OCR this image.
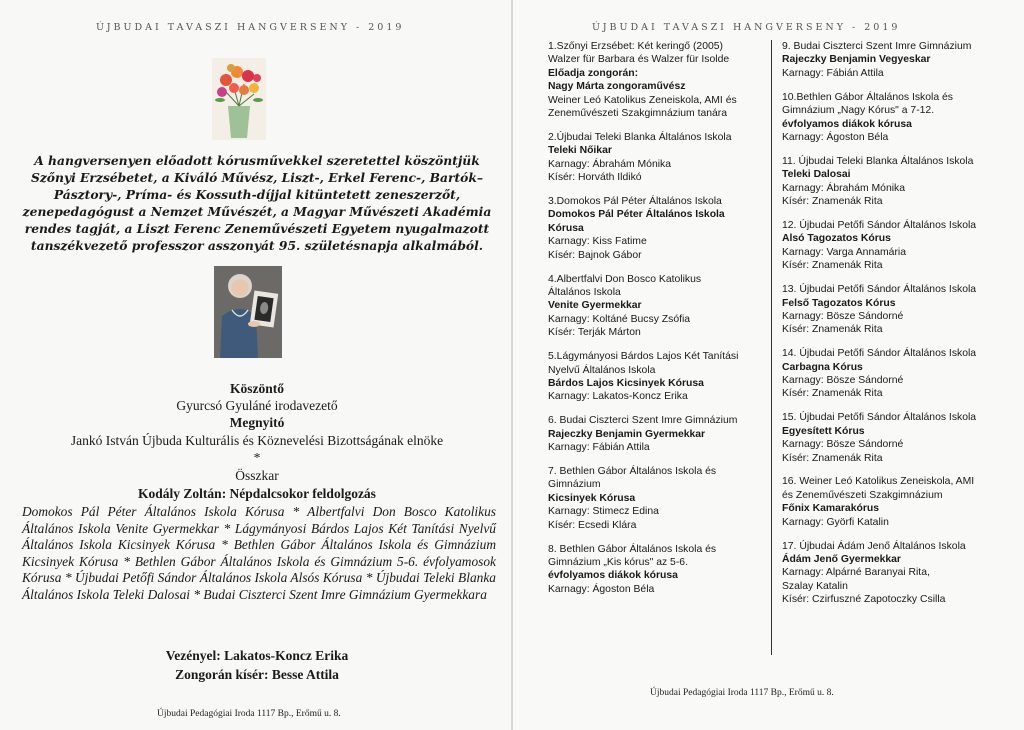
ÚJBUDAI TAVASZI HANGVERSENY - 2019	ÚJBUDAI TAVASZI HANGVERSENY - 2019
A hangversenyen előadott kórusművekkel szeretettel köszöntjük Szőnyi Erzsébetet, a Kiváló Művész, Liszt-, Erkel Ferenc-, Bartók–Pásztory-, Príma- és Kossuth-díjjal kitüntetett zeneszerzőt, zenepedagógust a Nemzet Művészét, a Magyar Művészeti Akadémia rendes tagját, a Liszt Ferenc Zeneművészeti Egyetem nyugalmazott tanszékvezető professzor asszonyát 95. születésnapja alkalmából.
Köszöntő
Gyurcsó Gyuláné irodavezető
Megnyitó
Jankó István Újbuda Kulturális és Köznevelési Bizottságának elnöke
*
Összkar
Kodály Zoltán: Népdalcsokor feldolgozás
Domokos Pál Péter Általános Iskola Kórusa * Albertfalvi Don Bosco Katolikus Általános Iskola Venite Gyermekkar * Lágymányosi Bárdos Lajos Két Tanítási Nyelvű Általános Iskola Kicsinyek Kórusa * Bethlen Gábor Általános Iskola és Gimnázium Kicsinyek Kórusa * Bethlen Gábor Általános Iskola és Gimnázium 5-6. évfolyamosok Kórusa * Újbudai Petőfi Sándor Általános Iskola Alsós Kórusa * Újbudai Teleki Blanka Általános Iskola Teleki Dalosai * Budai Ciszterci Szent Imre Gimnázium Gyermekkara
Vezényel: Lakatos-Koncz Erika
Zongorán kísér: Besse Attila
Újbudai Pedagógiai Iroda 1117 Bp., Erőmű u. 8.
Újbudai Pedagógiai Iroda 1117 Bp., Erőmű u. 8.
1.Szőnyi Erzsébet: Két keringő (2005)
Walzer für Barbara és Walzer für Isolde
Előadja zongorán:
Nagy Márta zongoraművész
Weiner Leó Katolikus Zeneiskola, AMI és
Zeneművészeti Szakgimnázium tanára
2.Újbudai Teleki Blanka Általános Iskola
Teleki Nőikar
Karnagy: Ábrahám Mónika
Kísér: Horváth Ildikó
3.Domokos Pál Péter Általános Iskola
Domokos Pál Péter Általános Iskola
Kórusa
Karnagy: Kiss Fatime
Kísér: Bajnok Gábor
4.Albertfalvi Don Bosco Katolikus
Általános Iskola
Venite Gyermekkar
Karnagy: Koltáné Bucsy Zsófia
Kísér: Terják Márton
5.Lágymányosi Bárdos Lajos Két Tanítási
Nyelvű Általános Iskola
Bárdos Lajos Kicsinyek Kórusa
Karnagy: Lakatos-Koncz Erika
6. Budai Ciszterci Szent Imre Gimnázium
Rajeczky Benjamin Gyermekkar
Karnagy: Fábián Attila
7. Bethlen Gábor Általános Iskola és
Gimnázium
Kicsinyek Kórusa
Karnagy: Stimecz Edina
Kísér: Ecsedi Klára
8. Bethlen Gábor Általános Iskola és
Gimnázium „Kis kórus" az 5-6.
évfolyamos diákok kórusa
Karnagy: Ágoston Béla
9. Budai Ciszterci Szent Imre Gimnázium
Rajeczky Benjamin Vegyeskar
Karnagy: Fábián Attila
10.Bethlen Gábor Általános Iskola és
Gimnázium „Nagy Kórus" a 7-12.
évfolyamos diákok kórusa
Karnagy: Ágoston Béla
11. Újbudai Teleki Blanka Általános Iskola
Teleki Dalosai
Karnagy: Ábrahám Mónika
Kísér: Znamenák Rita
12. Újbudai Petőfi Sándor Általános Iskola
Alsó Tagozatos Kórus
Karnagy: Varga Annamária
Kísér: Znamenák Rita
13. Újbudai Petőfi Sándor Általános Iskola
Felső Tagozatos Kórus
Karnagy: Bösze Sándorné
Kísér: Znamenák Rita
14. Újbudai Petőfi Sándor Általános Iskola
Carbagna Kórus
Karnagy: Bösze Sándorné
Kísér: Znamenák Rita
15. Újbudai Petőfi Sándor Általános Iskola
Egyesített Kórus
Karnagy: Bösze Sándorné
Kísér: Znamenák Rita
16. Weiner Leó Katolikus Zeneiskola, AMI
és Zeneművészeti Szakgimnázium
Főnix Kamarakórus
Karnagy: Györfi Katalin
17. Újbudai Ádám Jenő Általános Iskola
Ádám Jenő Gyermekkar
Karnagy: Alpárné Baranyai Rita,
Szalay Katalin
Kísér: Czirfuszné Zapotoczky Csilla
